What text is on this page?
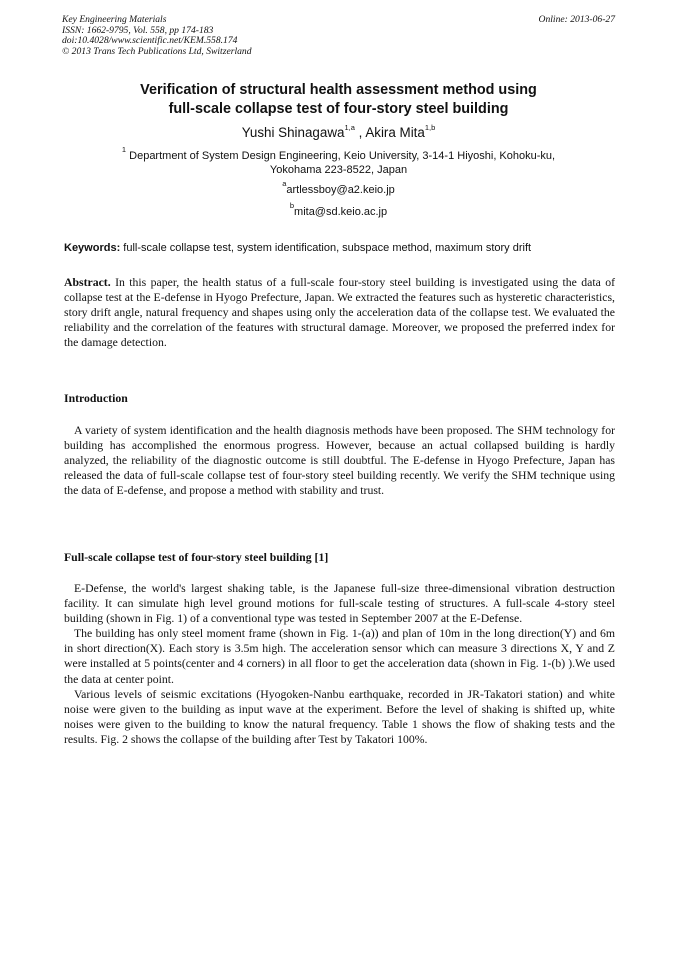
Key Engineering Materials
ISSN: 1662-9795, Vol. 558, pp 174-183
doi:10.4028/www.scientific.net/KEM.558.174
© 2013 Trans Tech Publications Ltd, Switzerland
Online: 2013-06-27
Verification of structural health assessment method using
full-scale collapse test of four-story steel building
Yushi Shinagawa$^{1,a}$ , Akira Mita$^{1,b}$
$^1$ Department of System Design Engineering, Keio University, 3-14-1 Hiyoshi, Kohoku-ku,
Yokohama 223-8522, Japan
$^a$artlessboy@a2.keio.jp
$^b$mita@sd.keio.ac.jp
Keywords: full-scale collapse test, system identification, subspace method, maximum story drift

Abstract. In this paper, the health status of a full-scale four-story steel building is investigated using the data of collapse test at the E-defense in Hyogo Prefecture, Japan. We extracted the features such as hysteretic characteristics, story drift angle, natural frequency and shapes using only the acceleration data of the collapse test. We evaluated the reliability and the correlation of the features with structural damage. Moreover, we proposed the preferred index for the damage detection.

Introduction

A variety of system identification and the health diagnosis methods have been proposed. The SHM technology for building has accomplished the enormous progress. However, because an actual collapsed building is hardly analyzed, the reliability of the diagnostic outcome is still doubtful. The E-defense in Hyogo Prefecture, Japan has released the data of full-scale collapse test of four-story steel building recently. We verify the SHM technique using the data of E-defense, and propose a method with stability and trust.

Full-scale collapse test of four-story steel building [1]

E-Defense, the world's largest shaking table, is the Japanese full-size three-dimensional vibration destruction facility. It can simulate high level ground motions for full-scale testing of structures. A full-scale 4-story steel building (shown in Fig. 1) of a conventional type was tested in September 2007 at the E-Defense.

The building has only steel moment frame (shown in Fig. 1-(a)) and plan of 10m in the long direction(Y) and 6m in short direction(X). Each story is 3.5m high. The acceleration sensor which can measure 3 directions X, Y and Z were installed at 5 points(center and 4 corners) in all floor to get the acceleration data (shown in Fig. 1-(b) ).We used the data at center point.

Various levels of seismic excitations (Hyogoken-Nanbu earthquake, recorded in JR-Takatori station) and white noise were given to the building as input wave at the experiment. Before the level of shaking is shifted up, white noises were given to the building to know the natural frequency. Table 1 shows the flow of shaking tests and the results. Fig. 2 shows the collapse of the building after Test by Takatori 100%.
